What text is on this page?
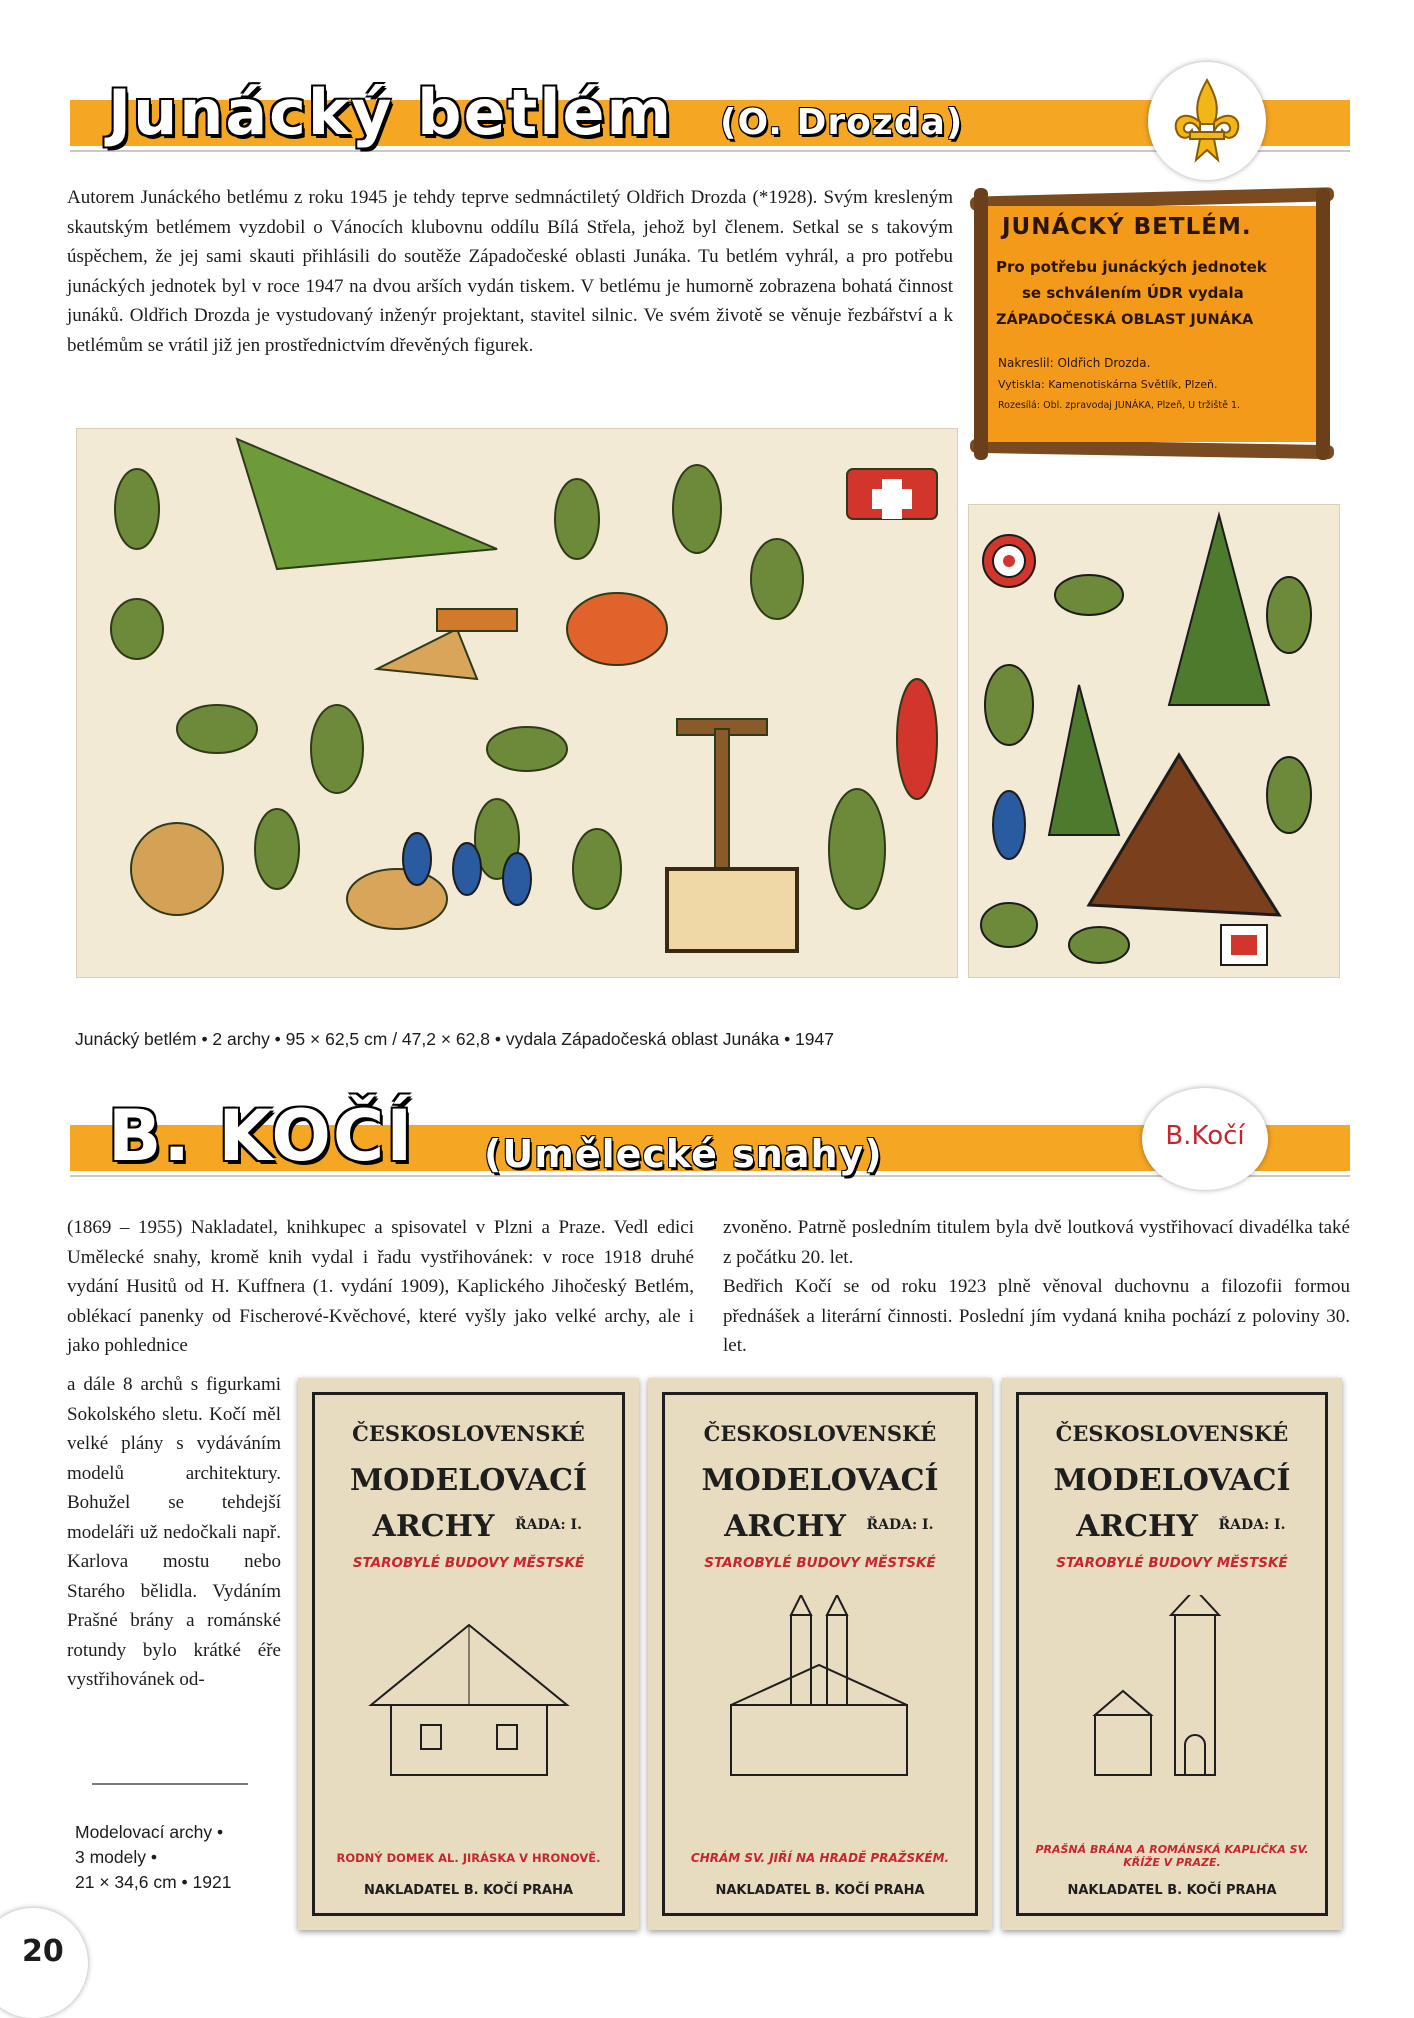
Junácký betlém (O. Drozda)

Autorem Junáckého betlému z roku 1945 je tehdy teprve sedmnáctiletý Oldřich Drozda (*1928). Svým kresleným skautským betlémem vyzdobil o Vánocích klubovnu oddílu Bílá Střela, jehož byl členem. Setkal se s takovým úspěchem, že jej sami skauti přihlásili do soutěže Západočeské oblasti Junáka. Tu betlém vyhrál, a pro potřebu junáckých jednotek byl v roce 1947 na dvou arších vydán tiskem. V betlému je humorně zobrazena bohatá činnost junáků. Oldřich Drozda je vystudovaný inženýr projektant, stavitel silnic. Ve svém životě se věnuje řezbářství a k betlémům se vrátil již jen prostřednictvím dřevěných figurek.

JUNÁCKÝ BETLÉM.
Pro potřebu junáckých jednotek
se schválením ÚDR vydala
ZÁPADOČESKÁ OBLAST JUNÁKA
Nakreslil: Oldřich Drozda.
Vytiskla: Kamenotiskárna Světlík, Plzeň.
Rozesílá: Obl. zpravodaj JUNÁKA, Plzeň, U tržiště 1.
Junácký betlém • 2 archy • 95 × 62,5 cm / 47,2 × 62,8 • vydala Západočeská oblast Junáka • 1947
B. KOČÍ (Umělecké snahy)	B.Kočí

(1869 – 1955) Nakladatel, knihkupec a spisovatel v Plzni a Praze. Vedl edici Umělecké snahy, kromě knih vydal i řadu vystřihovánek: v roce 1918 druhé vydání Husitů od H. Kuffnera (1. vydání 1909), Kaplického Jihočeský Betlém, oblékací panenky od Fischerové-Kvěchové, které vyšly jako velké archy, ale i jako pohlednice

a dále 8 archů s figurkami Sokolského sletu. Kočí měl velké plány s vydáváním modelů architektury. Bohužel se tehdejší modeláři už nedočkali např. Karlova mostu nebo Starého bělidla. Vydáním Prašné brány a románské rotundy bylo krátké éře vystřihovánek od-

zvoněno. Patrně posledním titulem byla dvě loutková vystřihovací divadélka také z počátku 20. let.

Bedřich Kočí se od roku 1923 plně věnoval duchovnu a filozofii formou přednášek a literární činnosti. Poslední jím vydaná kniha pochází z poloviny 30. let.

Modelovací archy •
3 modely •
21 × 34,6 cm • 1921
ČESKOSLOVENSKÉ
MODELOVACÍ
ARCHY	ŘADA: I.
STAROBYLÉ BUDOVY MĚSTSKÉ
RODNÝ DOMEK AL. JIRÁSKA V HRONOVĚ.
NAKLADATEL B. KOČÍ PRAHA
ČESKOSLOVENSKÉ
MODELOVACÍ
ARCHY	ŘADA: I.
STAROBYLÉ BUDOVY MĚSTSKÉ
CHRÁM SV. JIŘÍ NA HRADĚ PRAŽSKÉM.
NAKLADATEL B. KOČÍ PRAHA
ČESKOSLOVENSKÉ
MODELOVACÍ
ARCHY	ŘADA: I.
STAROBYLÉ BUDOVY MĚSTSKÉ
PRAŠNÁ BRÁNA A ROMÁNSKÁ KAPLIČKA SV. KŘÍŽE V PRAZE.
NAKLADATEL B. KOČÍ PRAHA
20
